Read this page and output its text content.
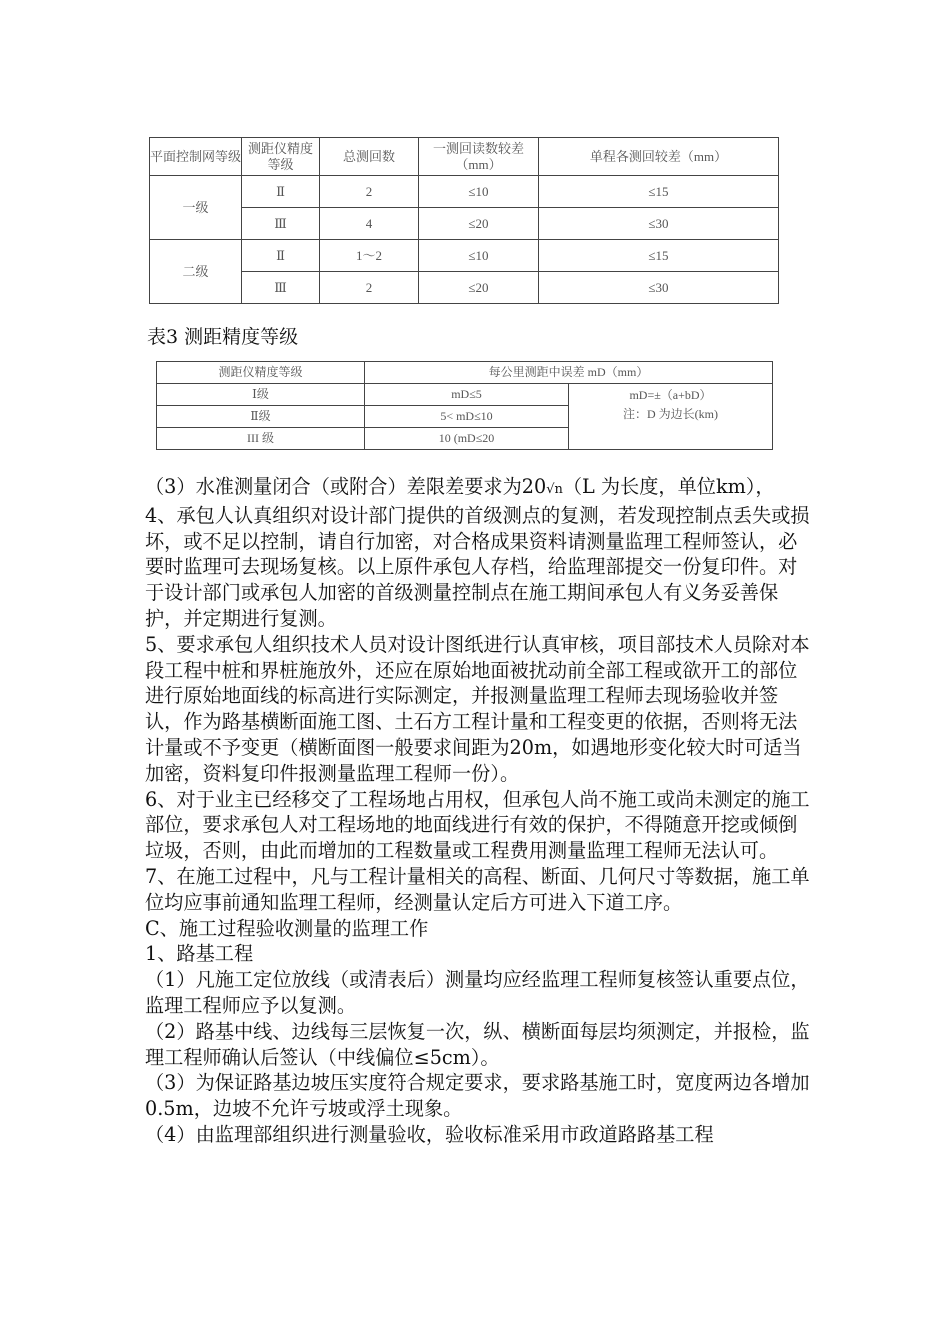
平面控制网等级	测距仪精度等级	总测回数	一测回读数较差（mm）	单程各测回较差（mm）
一级	Ⅱ	2	≤10	≤15
	Ⅲ	4	≤20	≤30
二级	Ⅱ	1～2	≤10	≤15
	Ⅲ	2	≤20	≤30
表3 测距精度等级
测距仪精度等级	每公里测距中误差 mD（mm）	
Ⅰ级	mD≤5	mD=±（a+bD）
注：D 为边长(km)

Ⅱ级	5< mD≤10	
III 级	10 (mD≤20	

（3）水准测量闭合（或附合）差限差要求为20√n（L 为长度，单位km），

4、承包人认真组织对设计部门提供的首级测点的复测，若发现控制点丢失或损坏，或不足以控制，请自行加密，对合格成果资料请测量监理工程师签认，必要时监理可去现场复核。以上原件承包人存档，给监理部提交一份复印件。对于设计部门或承包人加密的首级测量控制点在施工期间承包人有义务妥善保护，并定期进行复测。

5、要求承包人组织技术人员对设计图纸进行认真审核，项目部技术人员除对本段工程中桩和界桩施放外，还应在原始地面被扰动前全部工程或欲开工的部位进行原始地面线的标高进行实际测定，并报测量监理工程师去现场验收并签认，作为路基横断面施工图、土石方工程计量和工程变更的依据，否则将无法计量或不予变更（横断面图一般要求间距为20m，如遇地形变化较大时可适当加密，资料复印件报测量监理工程师一份）。

6、对于业主已经移交了工程场地占用权，但承包人尚不施工或尚未测定的施工部位，要求承包人对工程场地的地面线进行有效的保护，不得随意开挖或倾倒垃圾，否则，由此而增加的工程数量或工程费用测量监理工程师无法认可。

7、在施工过程中，凡与工程计量相关的高程、断面、几何尺寸等数据，施工单位均应事前通知监理工程师，经测量认定后方可进入下道工序。

C、施工过程验收测量的监理工作

1、路基工程

（1）凡施工定位放线（或清表后）测量均应经监理工程师复核签认重要点位，监理工程师应予以复测。

（2）路基中线、边线每三层恢复一次，纵、横断面每层均须测定，并报检，监理工程师确认后签认（中线偏位≤5cm）。

（3）为保证路基边坡压实度符合规定要求，要求路基施工时，宽度两边各增加0.5m，边坡不允许亏坡或浮土现象。

（4）由监理部组织进行测量验收，验收标准采用市政道路路基工程
